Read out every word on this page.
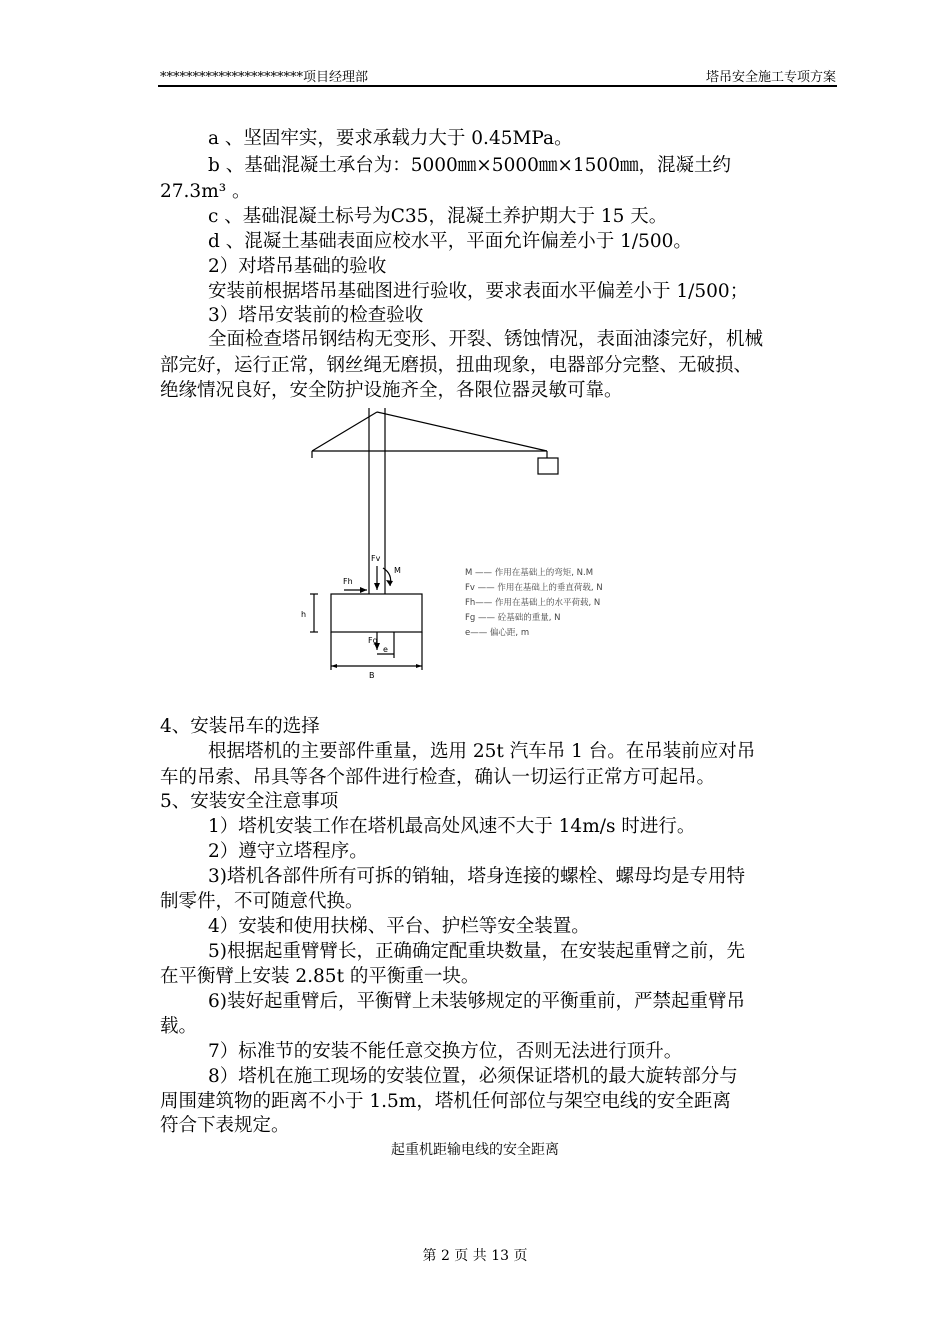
**********************项目经理部	塔吊安全施工专项方案
a 、坚固牢实，要求承载力大于 0.45MPa。
b 、基础混凝土承台为：5000㎜×5000㎜×1500㎜，混凝土约
27.3m³ 。
c 、基础混凝土标号为C35，混凝土养护期大于 15 天。
d 、混凝土基础表面应校水平，平面允许偏差小于 1/500。
2）对塔吊基础的验收
安装前根据塔吊基础图进行验收，要求表面水平偏差小于 1/500；
3）塔吊安装前的检查验收
全面检查塔吊钢结构无变形、开裂、锈蚀情况，表面油漆完好，机械
部完好，运行正常，钢丝绳无磨损，扭曲现象，电器部分完整、无破损、
绝缘情况良好，安全防护设施齐全，各限位器灵敏可靠。
Fv
M
Fh
h
Fg
e
B
M —— 作用在基础上的弯矩, N.M
Fv —— 作用在基础上的垂直荷载, N
Fh—— 作用在基础上的水平荷载, N
Fg —— 砼基础的重量, N
e—— 偏心距, m
4、安装吊车的选择
根据塔机的主要部件重量，选用 25t 汽车吊 1 台。在吊装前应对吊
车的吊索、吊具等各个部件进行检查，确认一切运行正常方可起吊。
5、安装安全注意事项
1）塔机安装工作在塔机最高处风速不大于 14m/s 时进行。
2）遵守立塔程序。
3)塔机各部件所有可拆的销轴，塔身连接的螺栓、螺母均是专用特
制零件，不可随意代换。
4）安装和使用扶梯、平台、护栏等安全装置。
5)根据起重臂臂长，正确确定配重块数量，在安装起重臂之前，先
在平衡臂上安装 2.85t 的平衡重一块。
6)装好起重臂后，平衡臂上未装够规定的平衡重前，严禁起重臂吊
载。
7）标准节的安装不能任意交换方位，否则无法进行顶升。
8）塔机在施工现场的安装位置，必须保证塔机的最大旋转部分与
周围建筑物的距离不小于 1.5m，塔机任何部位与架空电线的安全距离
符合下表规定。
起重机距输电线的安全距离
第 2 页 共 13 页
